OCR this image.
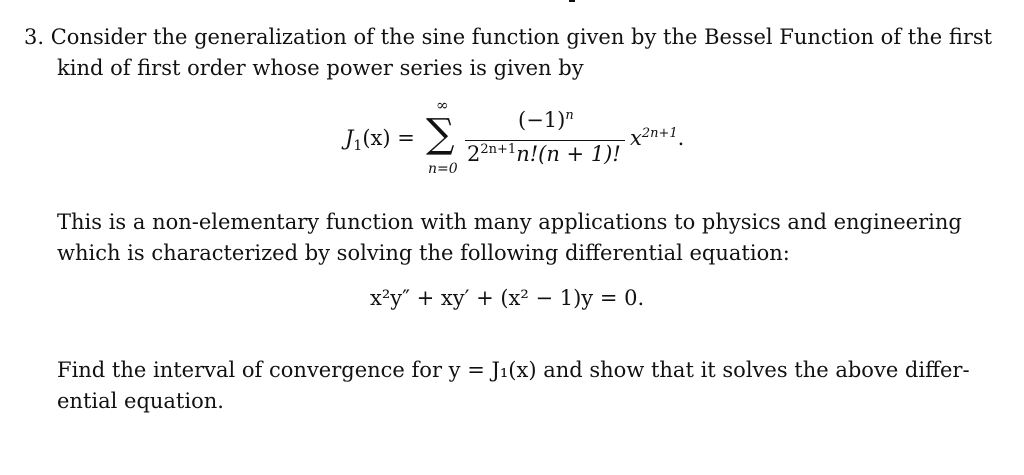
3. Consider the generalization of the sine function given by the Bessel Function of the first
kind of first order whose power series is given by
$J_1(x)$ =
∞
∑
n=0
$(-1)^n$
$2^{2n+1}n!(n + 1)$!
$x^{2n+1}$.
This is a non-elementary function with many applications to physics and engineering
which is characterized by solving the following differential equation:
x²y″ + xy′ + (x² − 1)y = 0.
Find the interval of convergence for y = J₁(x) and show that it solves the above differ-
ential equation.
